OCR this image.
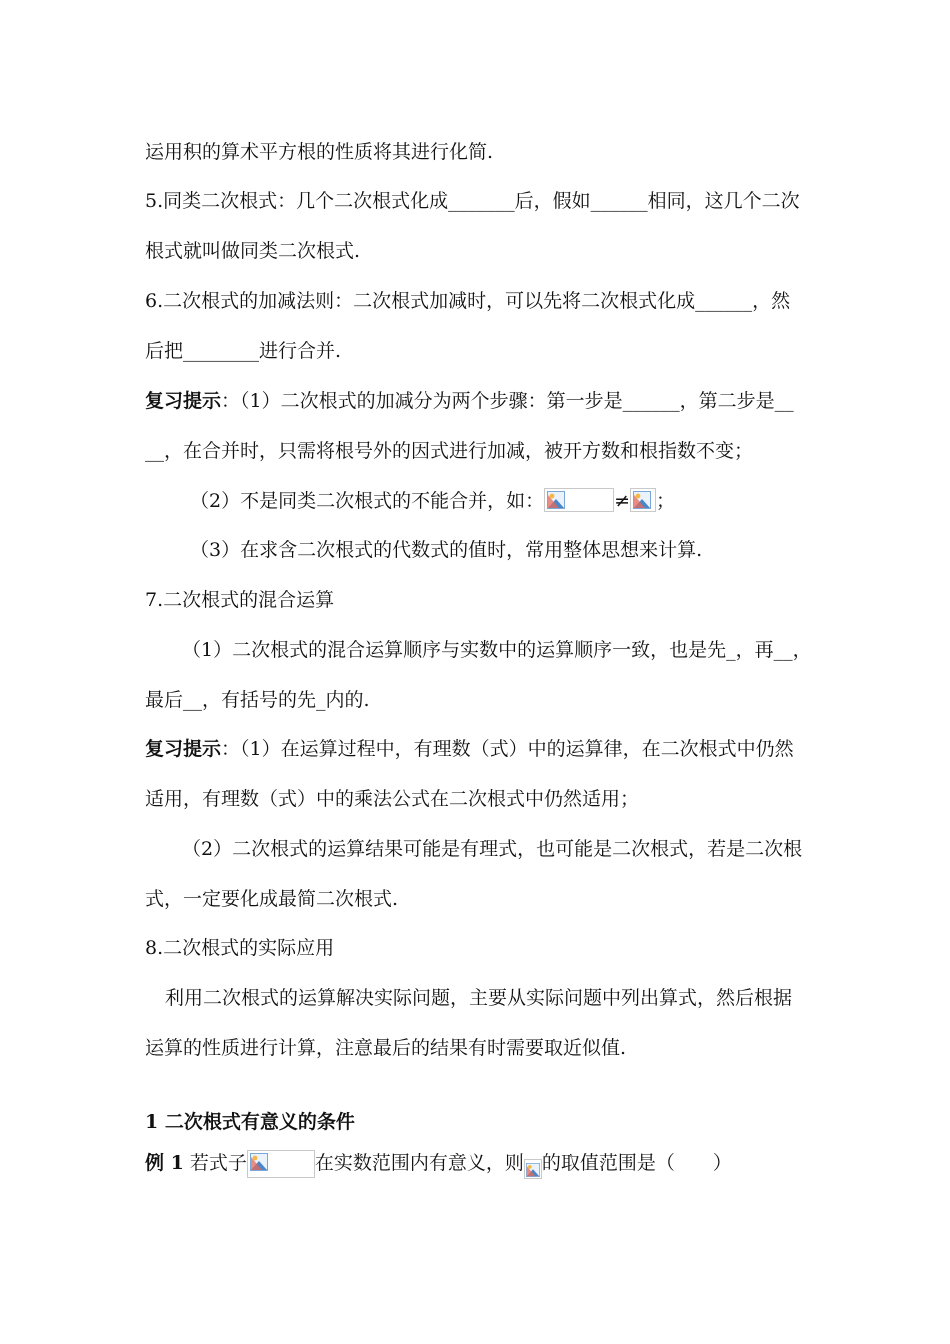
运用积的算术平方根的性质将其进行化简.
5.同类二次根式：几个二次根式化成_______后，假如______相同，这几个二次
根式就叫做同类二次根式.
6.二次根式的加减法则：二次根式加减时，可以先将二次根式化成______，然
后把________进行合并.
复习提示：（1）二次根式的加减分为两个步骤：第一步是______，第二步是__
__，在合并时，只需将根号外的因式进行加减，被开方数和根指数不变；
（2）不是同类二次根式的不能合并，如：	≠ ；
（3）在求含二次根式的代数式的值时，常用整体思想来计算.
7.二次根式的混合运算
（1）二次根式的混合运算顺序与实数中的运算顺序一致，也是先_，再__，
最后__，有括号的先_内的.
复习提示：（1）在运算过程中，有理数（式）中的运算律，在二次根式中仍然
适用，有理数（式）中的乘法公式在二次根式中仍然适用；
（2）二次根式的运算结果可能是有理式，也可能是二次根式，若是二次根
式，一定要化成最简二次根式.
8.二次根式的实际应用
利用二次根式的运算解决实际问题，主要从实际问题中列出算式，然后根据
运算的性质进行计算，注意最后的结果有时需要取近似值.
1 二次根式有意义的条件
例 1 若式子	在实数范围内有意义，则 的取值范围是（　　）
